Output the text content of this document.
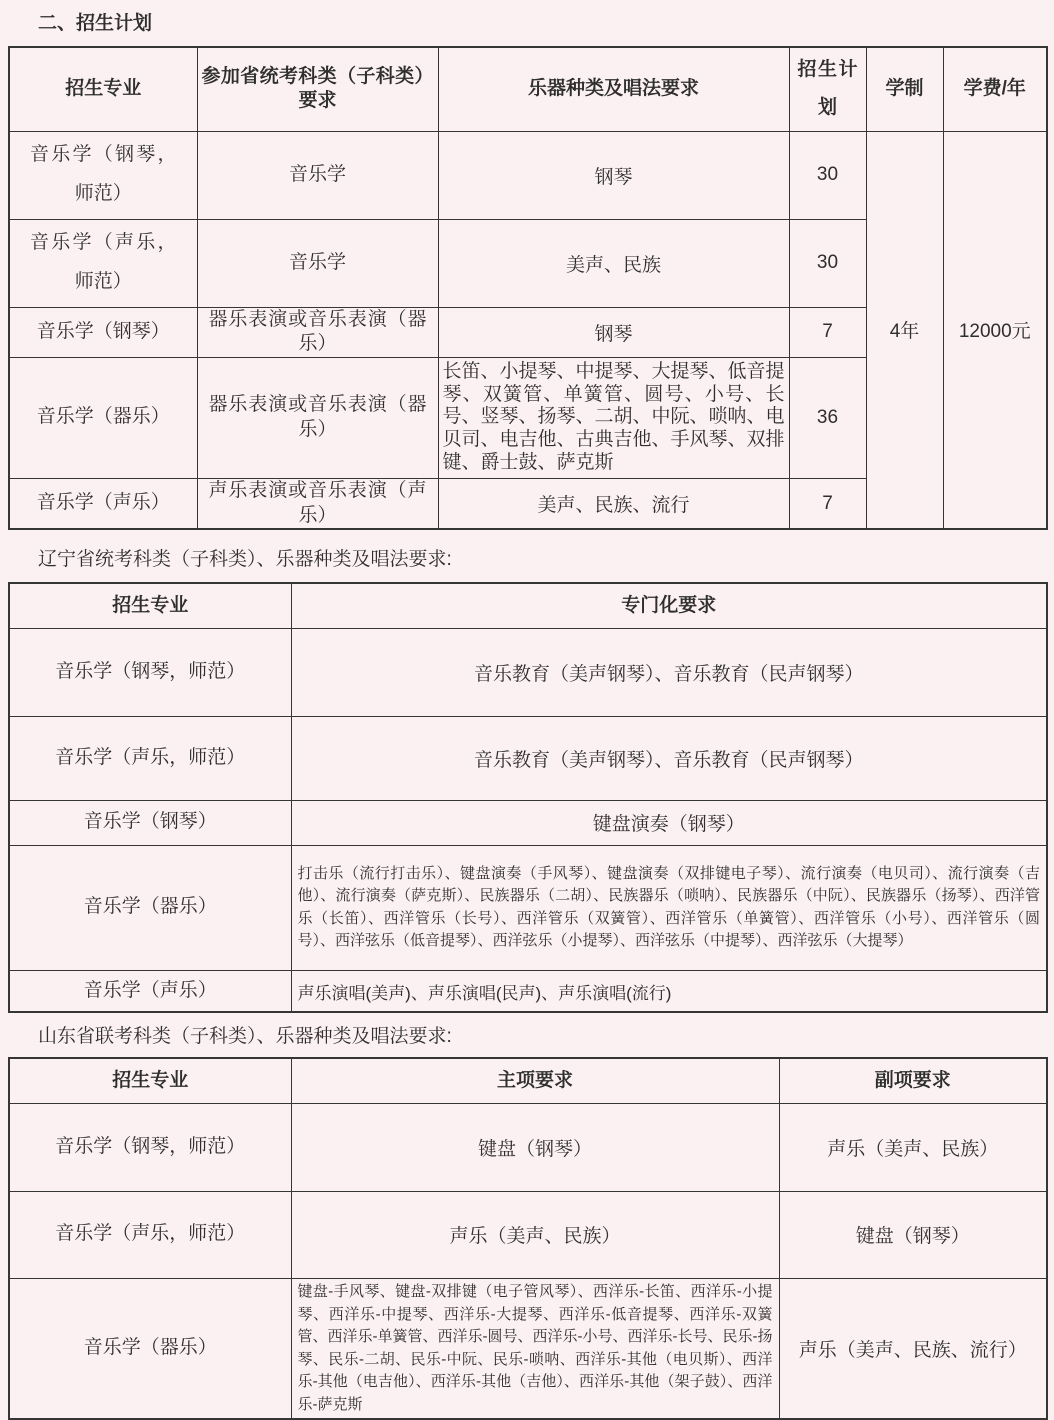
二、招生计划
招生专业	参加省统考科类（子科类）要求	乐器种类及唱法要求	招生计划	学制	学费/年
音乐学（钢琴，师范）	音乐学	钢琴	30	4年	12000元
音乐学（声乐，师范）	音乐学	美声、民族	30		
音乐学（钢琴）	器乐表演或音乐表演（器乐）	钢琴	7		
音乐学（器乐）	器乐表演或音乐表演（器乐）	长笛、小提琴、中提琴、大提琴、低音提琴、双簧管、单簧管、圆号、小号、长号、竖琴、扬琴、二胡、中阮、唢呐、电贝司、电吉他、古典吉他、手风琴、双排键、爵士鼓、萨克斯	36		
音乐学（声乐）	声乐表演或音乐表演（声乐）	美声、民族、流行	7		
辽宁省统考科类（子科类）、乐器种类及唱法要求:
招生专业	专门化要求
音乐学（钢琴，师范）	音乐教育（美声钢琴）、音乐教育（民声钢琴）
音乐学（声乐，师范）	音乐教育（美声钢琴）、音乐教育（民声钢琴）
音乐学（钢琴）	键盘演奏（钢琴）
音乐学（器乐）	打击乐（流行打击乐）、键盘演奏（手风琴）、键盘演奏（双排键电子琴）、流行演奏（电贝司）、流行演奏（吉他）、流行演奏（萨克斯）、民族器乐（二胡）、民族器乐（唢呐）、民族器乐（中阮）、民族器乐（扬琴）、西洋管乐（长笛）、西洋管乐（长号）、西洋管乐（双簧管）、西洋管乐（单簧管）、西洋管乐（小号）、西洋管乐（圆号）、西洋弦乐（低音提琴）、西洋弦乐（小提琴）、西洋弦乐（中提琴）、西洋弦乐（大提琴）
音乐学（声乐）	声乐演唱(美声)、声乐演唱(民声)、声乐演唱(流行)
山东省联考科类（子科类）、乐器种类及唱法要求:
招生专业	主项要求	副项要求
音乐学（钢琴，师范）	键盘（钢琴）	声乐（美声、民族）
音乐学（声乐，师范）	声乐（美声、民族）	键盘（钢琴）
音乐学（器乐）	键盘-手风琴、键盘-双排键（电子管风琴）、西洋乐-长笛、西洋乐-小提琴、西洋乐-中提琴、西洋乐-大提琴、西洋乐-低音提琴、西洋乐-双簧管、西洋乐-单簧管、西洋乐-圆号、西洋乐-小号、西洋乐-长号、民乐-扬琴、民乐-二胡、民乐-中阮、民乐-唢呐、西洋乐-其他（电贝斯）、西洋乐-其他（电吉他）、西洋乐-其他（吉他）、西洋乐-其他（架子鼓）、西洋乐-萨克斯	声乐（美声、民族、流行）
